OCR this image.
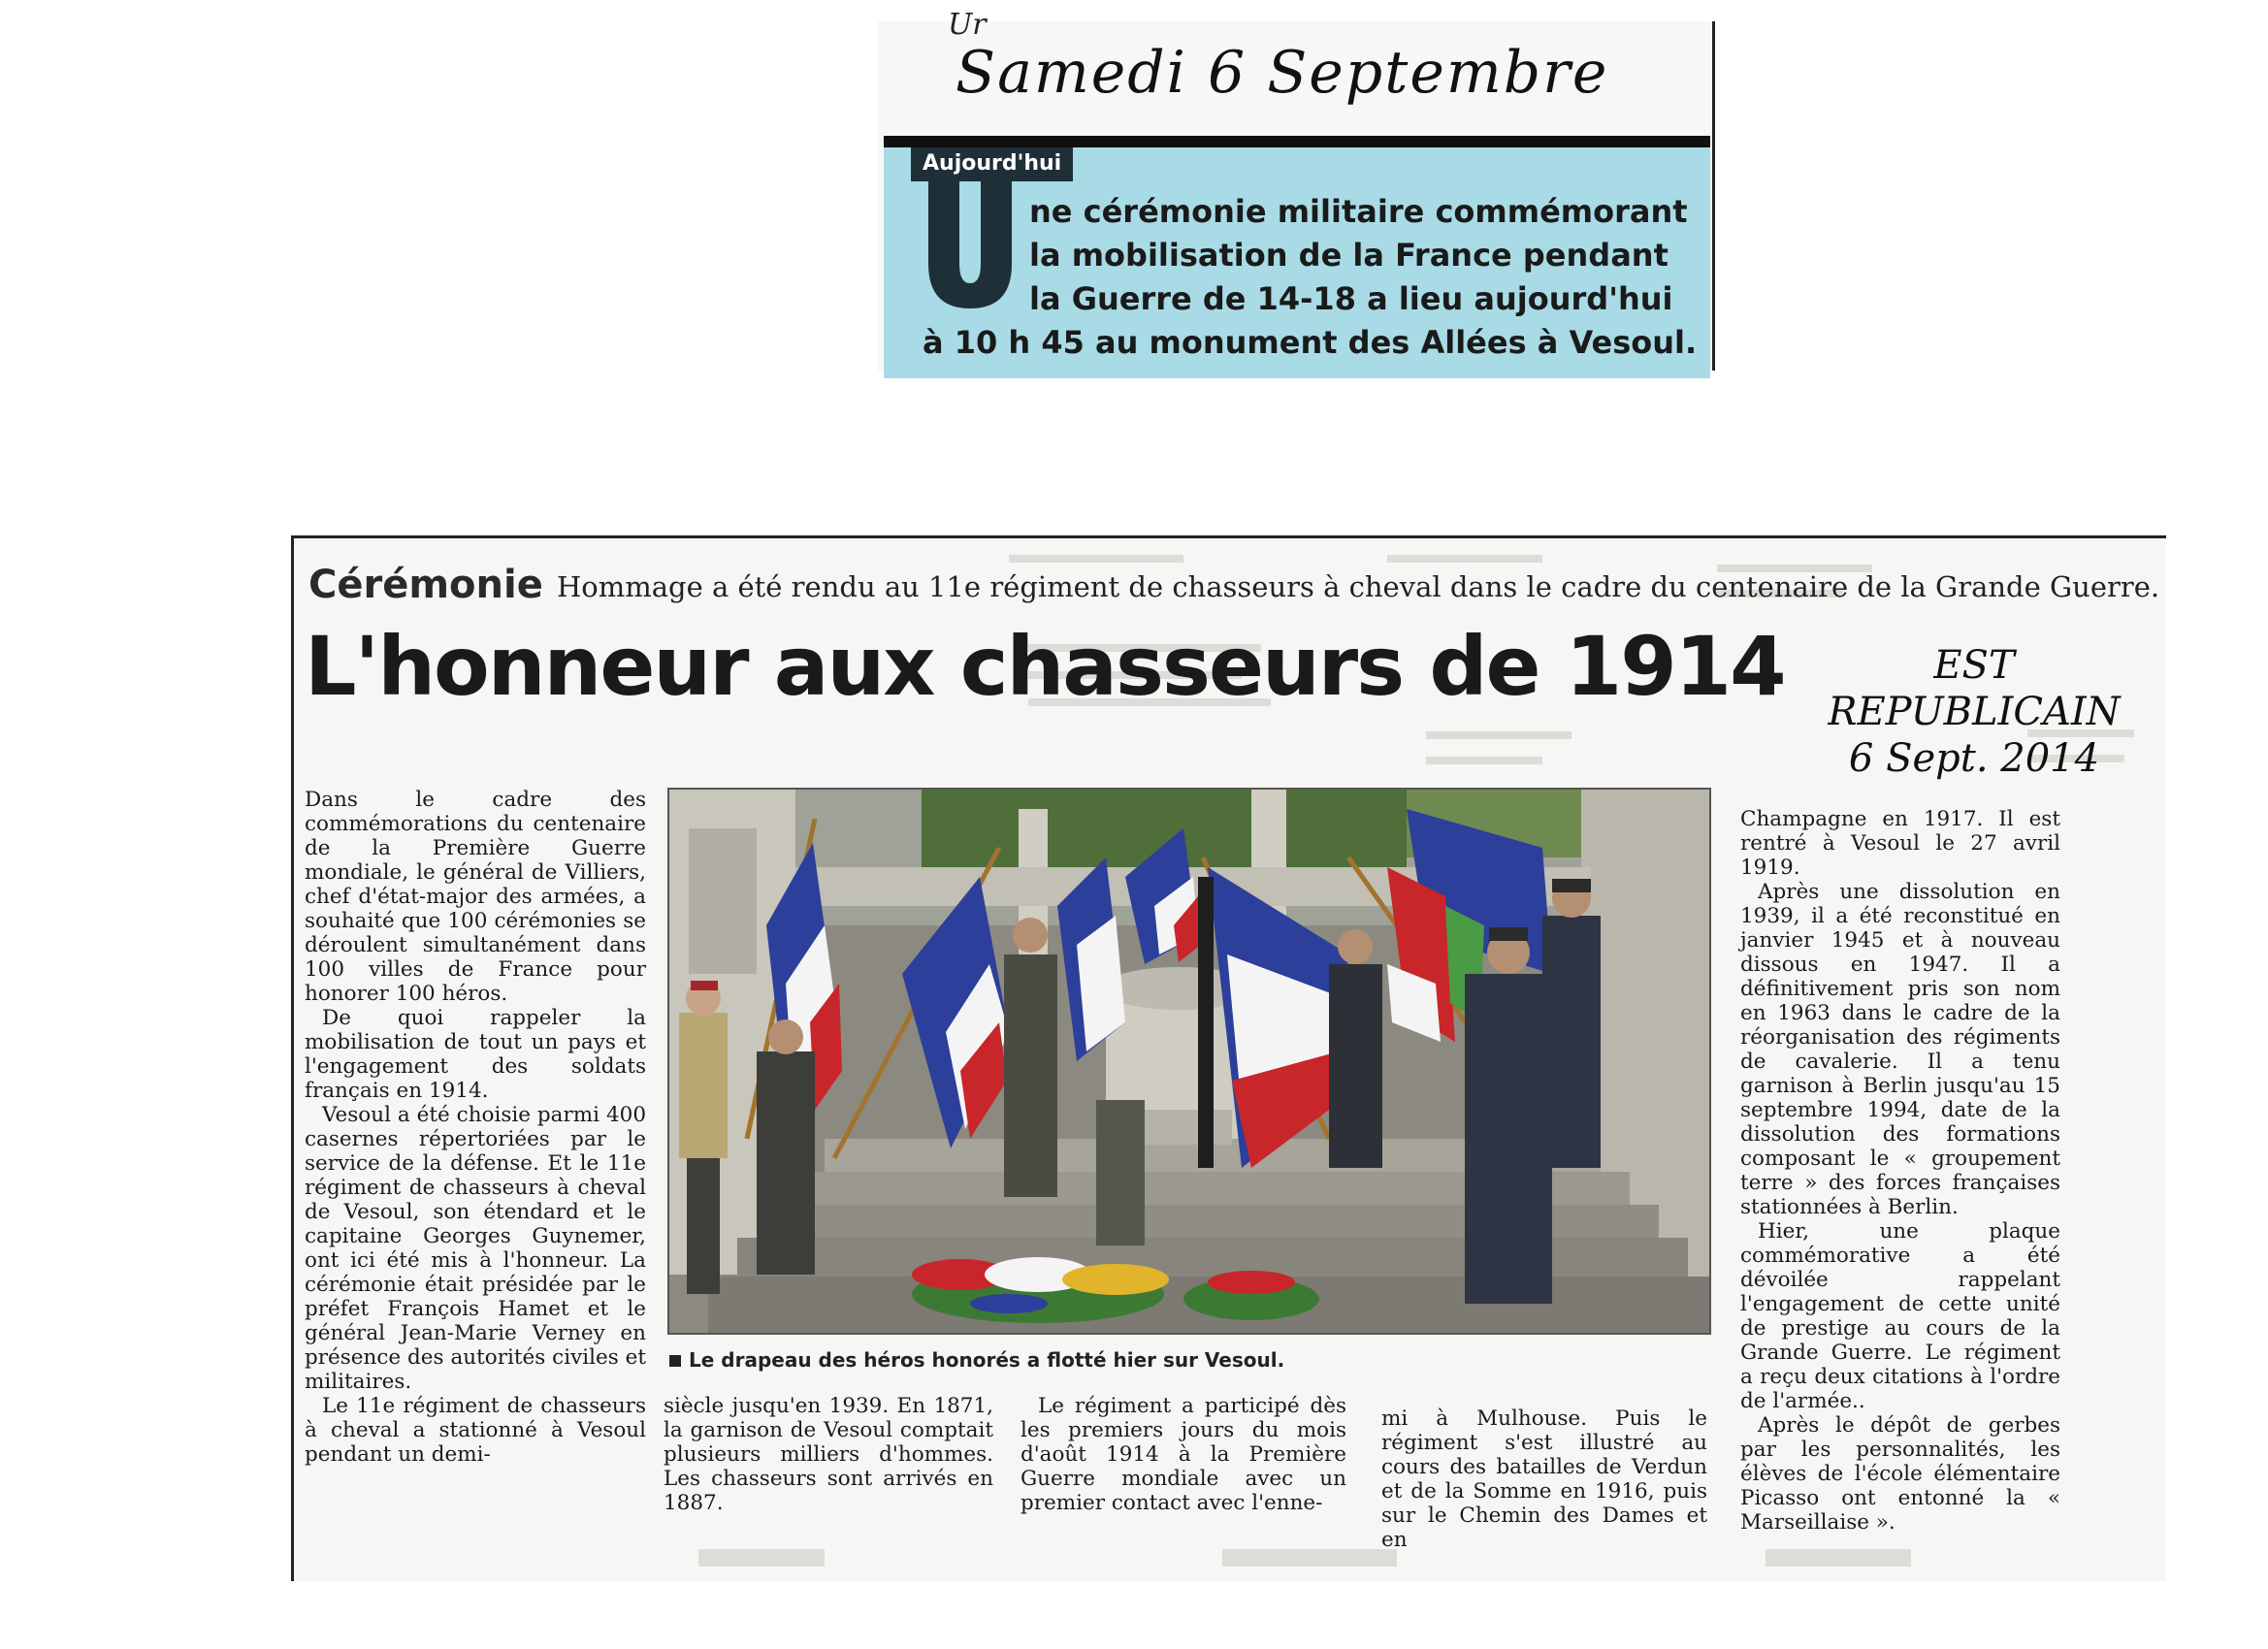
Ur
Samedi 6 Septembre
Aujourd'hui
ne cérémonie militaire commémorant
la mobilisation de la France pendant
la Guerre de 14-18 a lieu aujourd'hui
à 10 h 45 au monument des Allées à Vesoul.
Cérémonie Hommage a été rendu au 11e régiment de chasseurs à cheval dans le cadre du centenaire de la Grande Guerre.
L'honneur aux chasseurs de 1914	EST REPUBLICAIN
6 Sept. 2014

Dans le cadre des commémorations du centenaire de la Première Guerre mondiale, le général de Villiers, chef d'état-major des armées, a souhaité que 100 cérémonies se déroulent simultanément dans 100 villes de France pour honorer 100 héros.

De quoi rappeler la mobilisation de tout un pays et l'engagement des soldats français en 1914.

Vesoul a été choisie parmi 400 casernes répertoriées par le service de la défense. Et le 11e régiment de chasseurs à cheval de Vesoul, son étendard et le capitaine Georges Guynemer, ont ici été mis à l'honneur. La cérémonie était présidée par le préfet François Hamet et le général Jean-Marie Verney en présence des autorités civiles et militaires.

Le 11e régiment de chasseurs à cheval a stationné à Vesoul pendant un demi-

Le drapeau des héros honorés a flotté hier sur Vesoul.

siècle jusqu'en 1939. En 1871, la garnison de Vesoul comptait plusieurs milliers d'hommes. Les chasseurs sont arrivés en 1887.

Le régiment a participé dès les premiers jours du mois d'août 1914 à la Première Guerre mondiale avec un premier contact avec l'enne-

mi à Mulhouse. Puis le régiment s'est illustré au cours des batailles de Verdun et de la Somme en 1916, puis sur le Chemin des Dames et en

Champagne en 1917. Il est rentré à Vesoul le 27 avril 1919.

Après une dissolution en 1939, il a été reconstitué en janvier 1945 et à nouveau dissous en 1947. Il a définitivement pris son nom en 1963 dans le cadre de la réorganisation des régiments de cavalerie. Il a tenu garnison à Berlin jusqu'au 15 septembre 1994, date de la dissolution des formations composant le « groupement terre » des forces françaises stationnées à Berlin.

Hier, une plaque commémorative a été dévoilée rappelant l'engagement de cette unité de prestige au cours de la Grande Guerre. Le régiment a reçu deux citations à l'ordre de l'armée..

Après le dépôt de gerbes par les personnalités, les élèves de l'école élémentaire Picasso ont entonné la « Marseillaise ».
